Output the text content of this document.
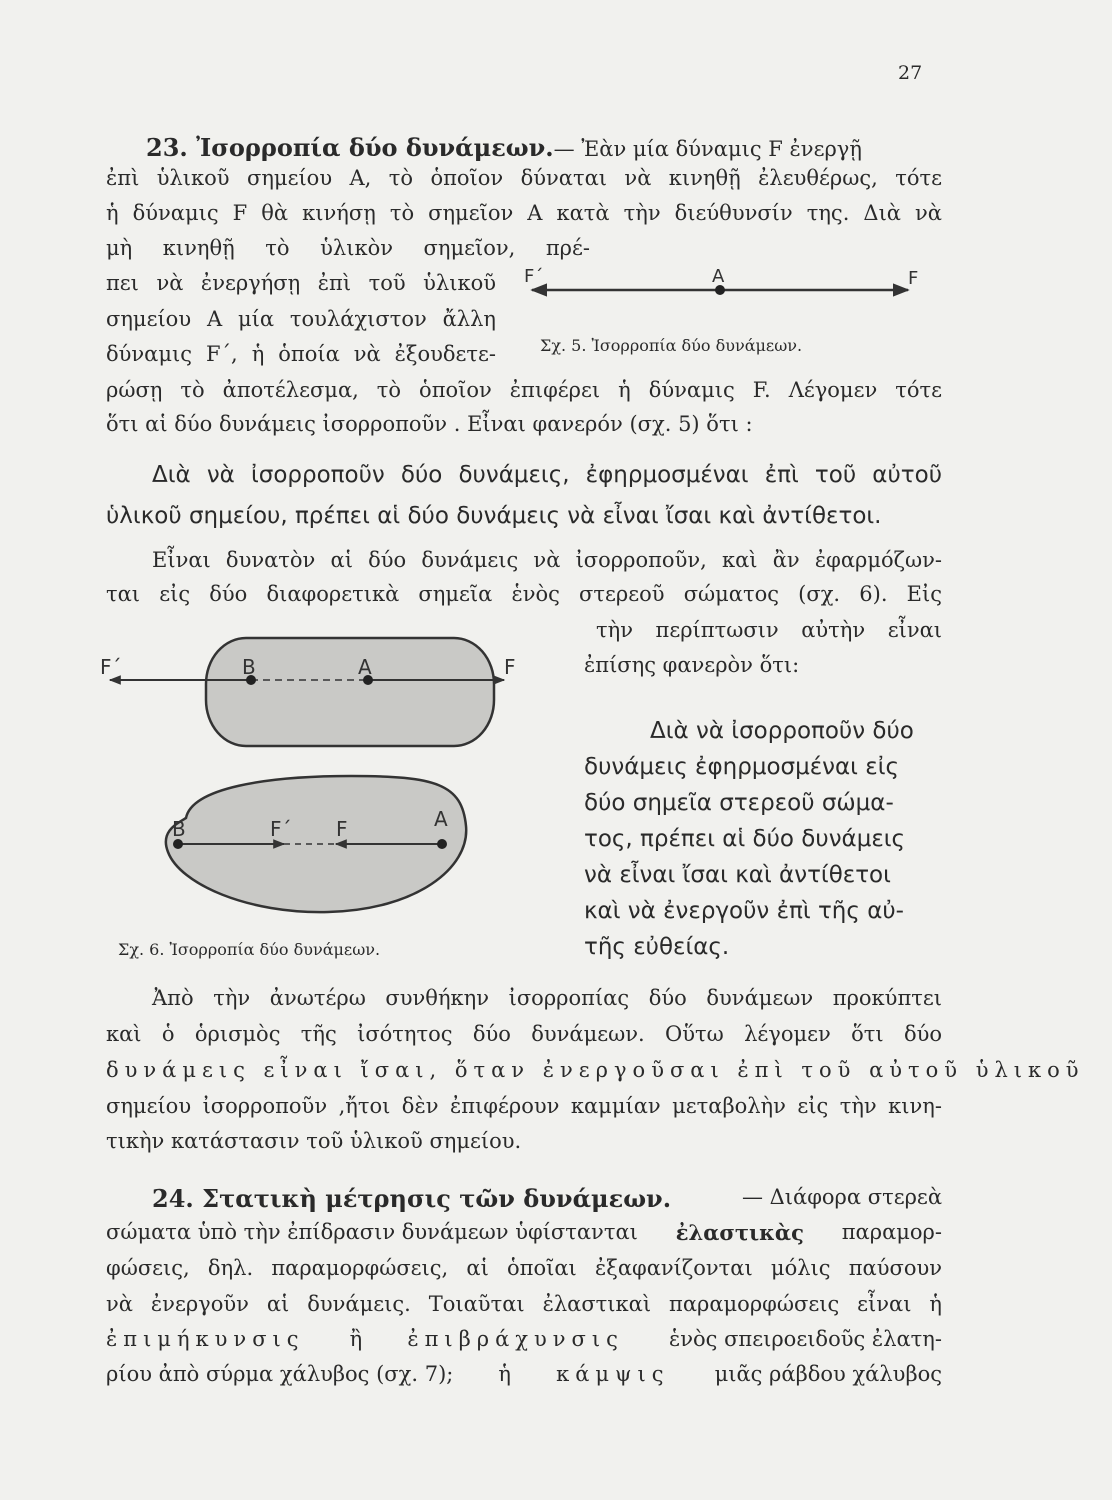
27
23. Ἰσορροπία δύο δυνάμεων.— Ἐὰν μία δύναμις F ἐνεργῇ
ἐπὶ ὑλικοῦ σημείου Α, τὸ ὁποῖον δύναται νὰ κινηθῇ ἐλευθέρως, τότε
ἡ δύναμις F θὰ κινήσῃ τὸ σημεῖον Α κατὰ τὴν διεύθυνσίν της. Διὰ νὰ
μὴ κινηθῇ τὸ ὑλικὸν σημεῖον, πρέ-
πει νὰ ἐνεργήσῃ ἐπὶ τοῦ ὑλικοῦ
σημείου Α μία τουλάχιστον ἄλλη
δύναμις F΄, ἡ ὁποία νὰ ἐξουδετε-
F΄	A	F
Σχ. 5. Ἰσορροπία δύο δυνάμεων.
ρώσῃ τὸ ἀποτέλεσμα, τὸ ὁποῖον ἐπιφέρει ἡ δύναμις F. Λέγομεν τότε
ὅτι αἱ δύο δυνάμεις ἰσορροποῦν . Εἶναι φανερόν (σχ. 5) ὅτι :
Διὰ νὰ ἰσορροποῦν δύο δυνάμεις, ἐφηρμοσμέναι ἐπὶ τοῦ αὐτοῦ
ὑλικοῦ σημείου, πρέπει αἱ δύο δυνάμεις νὰ εἶναι ἴσαι καὶ ἀντίθετοι.
Εἶναι δυνατὸν αἱ δύο δυνάμεις νὰ ἰσορροποῦν, καὶ ἂν ἐφαρμόζων-
ται εἰς δύο διαφορετικὰ σημεῖα ἑνὸς στερεοῦ σώματος (σχ. 6). Εἰς
τὴν περίπτωσιν αὐτὴν εἶναι
ἐπίσης φανερὸν ὅτι:
F΄	B	A	F
B	F΄ F	A
Σχ. 6. Ἰσορροπία δύο δυνάμεων.
Διὰ νὰ ἰσορροποῦν δύο
δυνάμεις ἐφηρμοσμέναι εἰς
δύο σημεῖα στερεοῦ σώμα-
τος, πρέπει αἱ δύο δυνάμεις
νὰ εἶναι ἴσαι καὶ ἀντίθετοι
καὶ νὰ ἐνεργοῦν ἐπὶ τῆς αὐ-
τῆς εὐθείας.
Ἀπὸ τὴν ἀνωτέρω συνθήκην ἰσορροπίας δύο δυνάμεων προκύπτει
καὶ ὁ ὁρισμὸς τῆς ἰσότητος δύο δυνάμεων. Οὕτω λέγομεν ὅτι δύο
δυνάμεις εἶναι ἴσαι, ὅταν ἐνεργοῦσαι ἐπὶ τοῦ αὐτοῦ ὑλικοῦ
σημείου ἰσορροποῦν ,ἤτοι δὲν ἐπιφέρουν καμμίαν μεταβολὴν εἰς τὴν κινη-
τικὴν κατάστασιν τοῦ ὑλικοῦ σημείου.
24. Στατικὴ μέτρησις τῶν δυνάμεων.	— Διάφορα στερεὰ
σώματα ὑπὸ τὴν ἐπίδρασιν δυνάμεων ὑφίστανται ἐλαστικὰς παραμορ-
φώσεις, δηλ. παραμορφώσεις, αἱ ὁποῖαι ἐξαφανίζονται μόλις παύσουν
νὰ ἐνεργοῦν αἱ δυνάμεις. Τοιαῦται ἐλαστικαὶ παραμορφώσεις εἶναι ἡ
ἐπιμήκυνσις ἢ ἐπιβράχυνσις ἑνὸς σπειροειδοῦς ἐλατη-
ρίου ἀπὸ σύρμα χάλυβος (σχ. 7); ἡ κάμψις μιᾶς ράβδου χάλυβος
